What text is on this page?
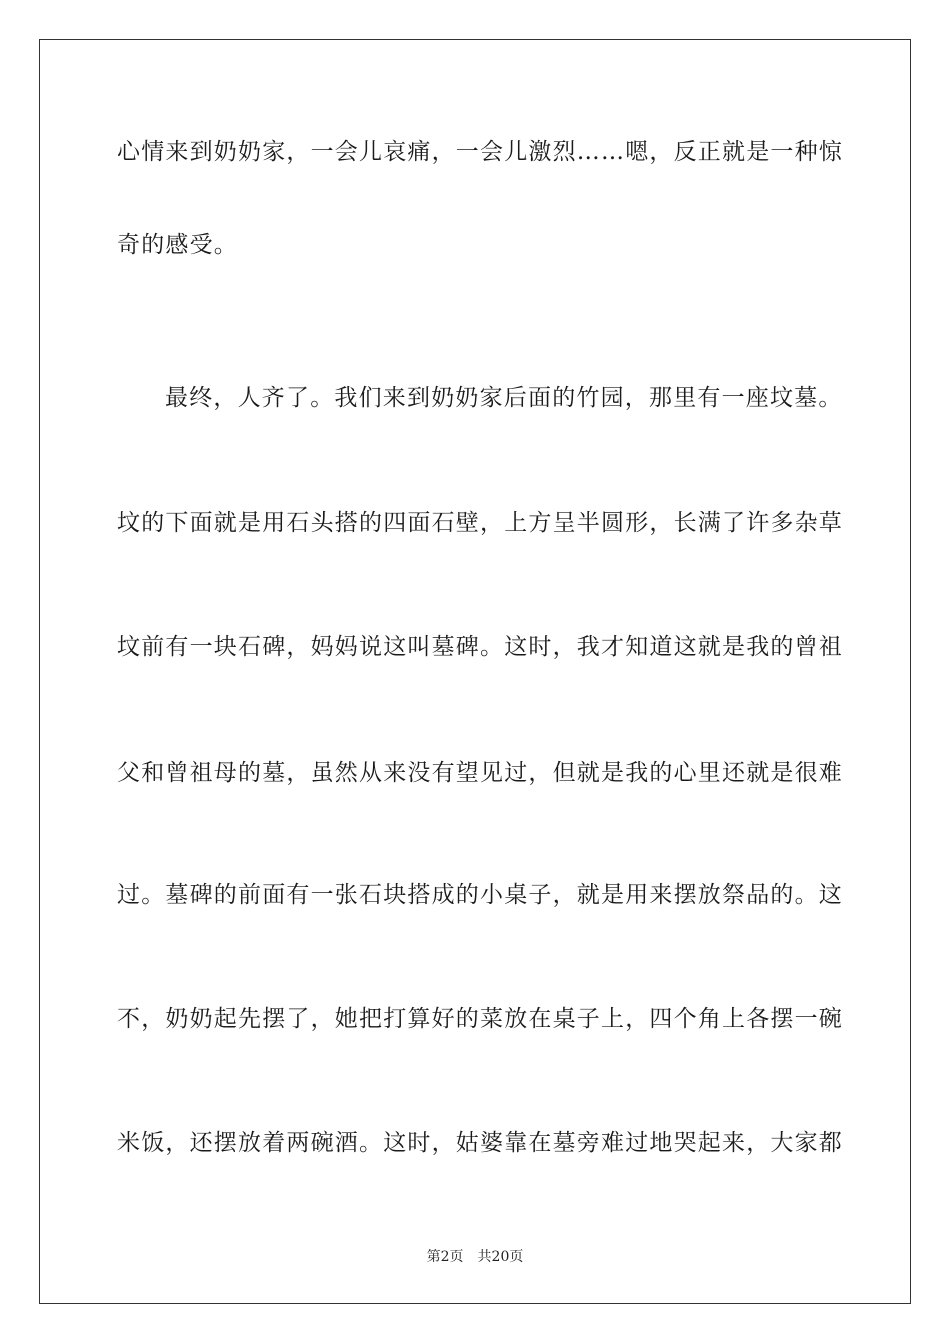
心情来到奶奶家，一会儿哀痛，一会儿激烈……嗯，反正就是一种惊
奇的感受。
最终，人齐了。我们来到奶奶家后面的竹园，那里有一座坟墓。
坟的下面就是用石头搭的四面石壁，上方呈半圆形，长满了许多杂草
坟前有一块石碑，妈妈说这叫墓碑。这时，我才知道这就是我的曾祖
父和曾祖母的墓，虽然从来没有望见过，但就是我的心里还就是很难
过。墓碑的前面有一张石块搭成的小桌子，就是用来摆放祭品的。这
不，奶奶起先摆了，她把打算好的菜放在桌子上，四个角上各摆一碗
米饭，还摆放着两碗酒。这时，姑婆靠在墓旁难过地哭起来，大家都
第2页 共20页
